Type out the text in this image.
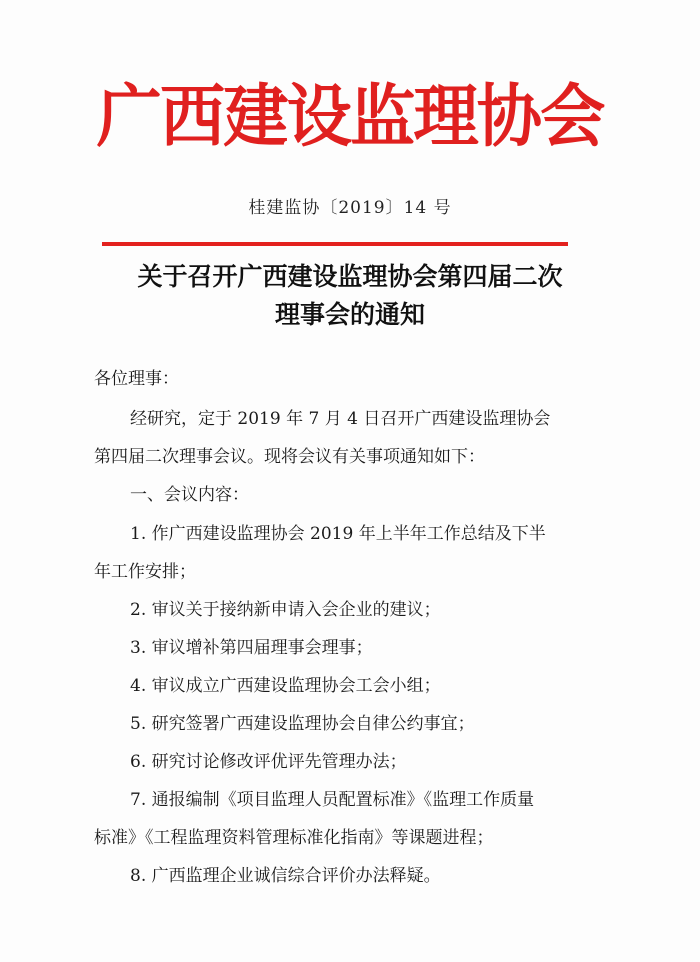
广西建设监理协会
桂建监协〔2019〕14 号
关于召开广西建设监理协会第四届二次
理事会的通知
各位理事：
经研究，定于 2019 年 7 月 4 日召开广西建设监理协会
第四届二次理事会议。现将会议有关事项通知如下：
一、会议内容：
1. 作广西建设监理协会 2019 年上半年工作总结及下半
年工作安排；
2. 审议关于接纳新申请入会企业的建议；
3. 审议增补第四届理事会理事；
4. 审议成立广西建设监理协会工会小组；
5. 研究签署广西建设监理协会自律公约事宜；
6. 研究讨论修改评优评先管理办法；
7. 通报编制《项目监理人员配置标准》《监理工作质量
标准》《工程监理资料管理标准化指南》等课题进程；
8. 广西监理企业诚信综合评价办法释疑。
